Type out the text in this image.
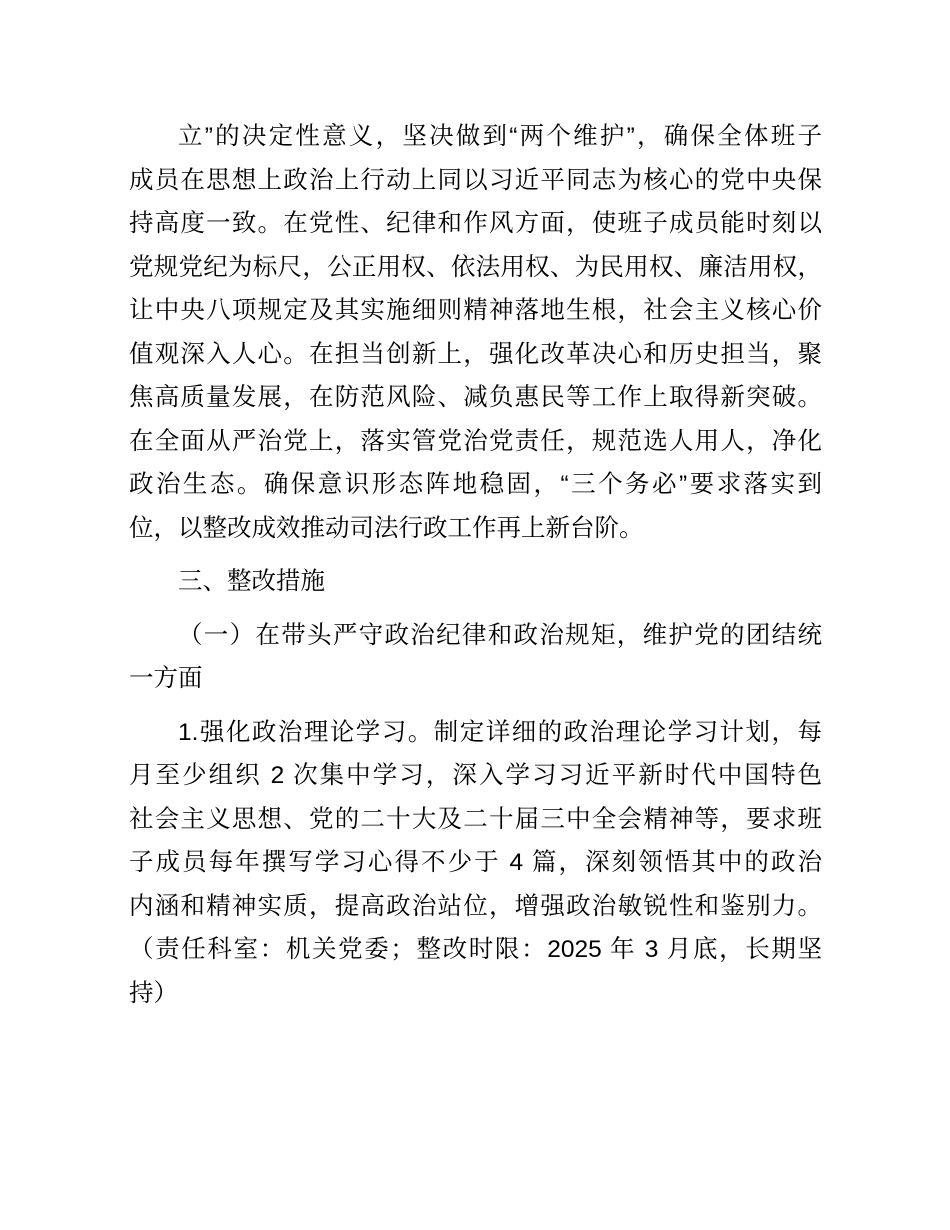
立”的决定性意义，坚决做到“两个维护”，确保全体班子
成员在思想上政治上行动上同以习近平同志为核心的党中央保
持高度一致。在党性、纪律和作风方面，使班子成员能时刻以
党规党纪为标尺，公正用权、依法用权、为民用权、廉洁用权，
让中央八项规定及其实施细则精神落地生根，社会主义核心价
值观深入人心。在担当创新上，强化改革决心和历史担当，聚
焦高质量发展，在防范风险、减负惠民等工作上取得新突破。
在全面从严治党上，落实管党治党责任，规范选人用人，净化
政治生态。确保意识形态阵地稳固，“三个务必”要求落实到
位，以整改成效推动司法行政工作再上新台阶。
三、整改措施
（一）在带头严守政治纪律和政治规矩，维护党的团结统
一方面
1.强化政治理论学习。制定详细的政治理论学习计划，每
月至少组织 2 次集中学习，深入学习习近平新时代中国特色
社会主义思想、党的二十大及二十届三中全会精神等，要求班
子成员每年撰写学习心得不少于 4 篇，深刻领悟其中的政治
内涵和精神实质，提高政治站位，增强政治敏锐性和鉴别力。
（责任科室：机关党委；整改时限：2025 年 3 月底，长期坚
持）
